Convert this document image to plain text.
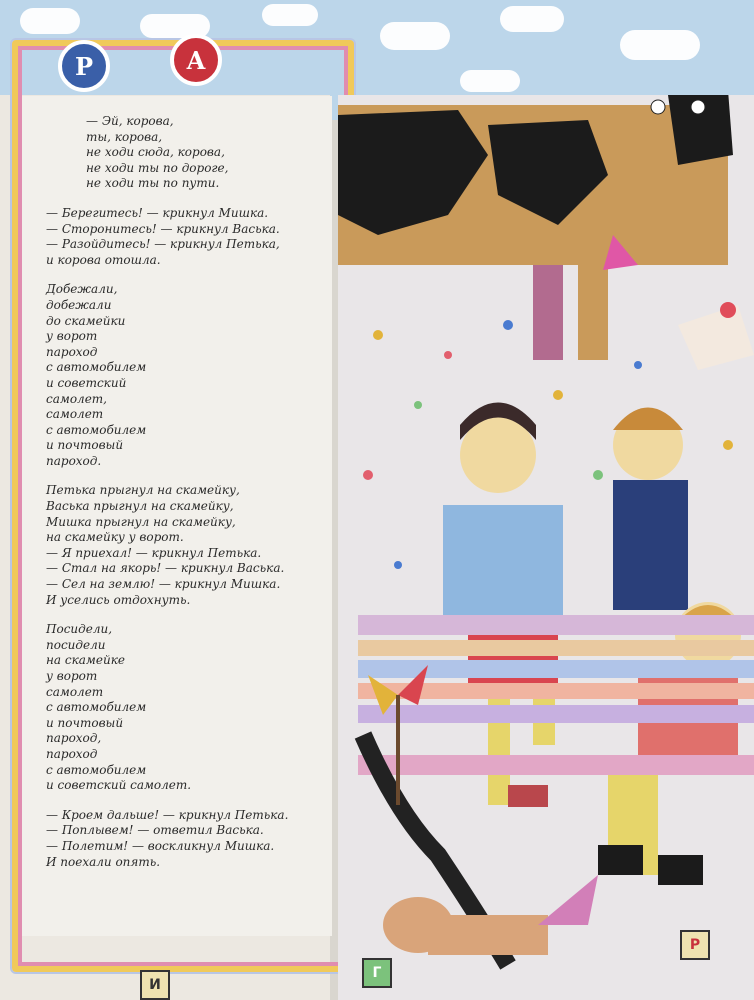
Р	А
— Эй, корова,
ты, корова,
не ходи сюда, корова,
не ходи ты по дороге,
не ходи ты по пути.
— Берегитесь! — крикнул Мишка.
— Сторонитесь! — крикнул Васька.
— Разойдитесь! — крикнул Петька,
и корова отошла.
Добежали,
добежали
до скамейки
у ворот
пароход
с автомобилем
и советский
самолет,
самолет
с автомобилем
и почтовый
пароход.
Петька прыгнул на скамейку,
Васька прыгнул на скамейку,
Мишка прыгнул на скамейку,
на скамейку у ворот.
— Я приехал! — крикнул Петька.
— Стал на якорь! — крикнул Васька.
— Сел на землю! — крикнул Мишка.
И уселись отдохнуть.
Посидели,
посидели
на скамейке
у ворот
самолет
с автомобилем
и почтовый
пароход,
пароход
с автомобилем
и советский самолет.
— Кроем дальше! — крикнул Петька.
— Поплывем! — ответил Васька.
— Полетим! — воскликнул Мишка.
И поехали опять.
И
Г
Р
